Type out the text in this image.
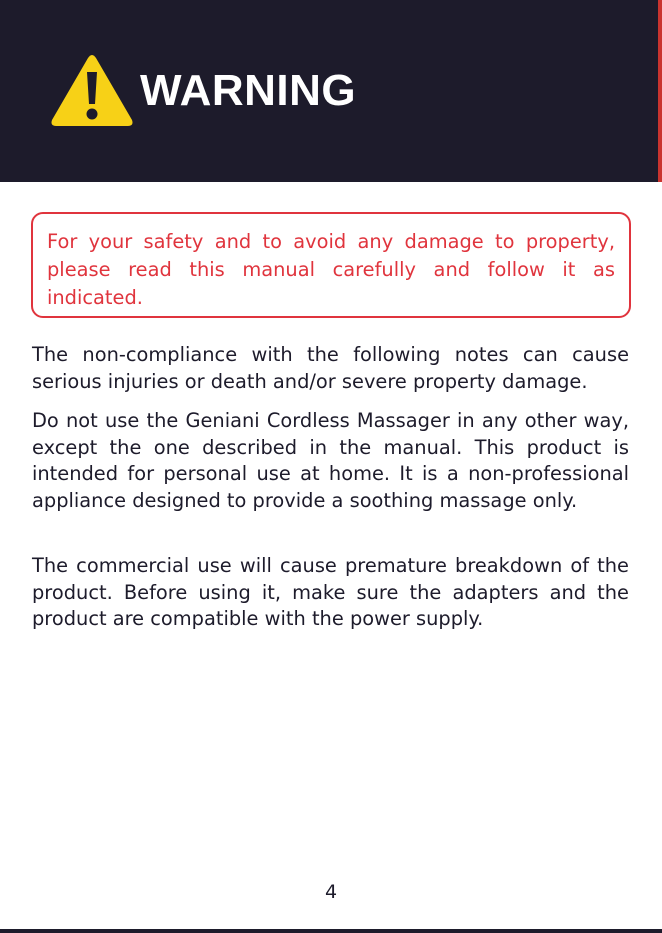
WARNING
For your safety and to avoid any damage to property, please read this manual carefully and follow it as indicated.

The non-compliance with the following notes can cause serious injuries or death and/or severe property damage.

Do not use the Geniani Cordless Massager in any other way, except the one described in the manual. This product is intended for personal use at home. It is a non-professional appliance designed to provide a soothing massage only.

The commercial use will cause premature breakdown of the product. Before using it, make sure the adapters and the product are compatible with the power supply.

4
